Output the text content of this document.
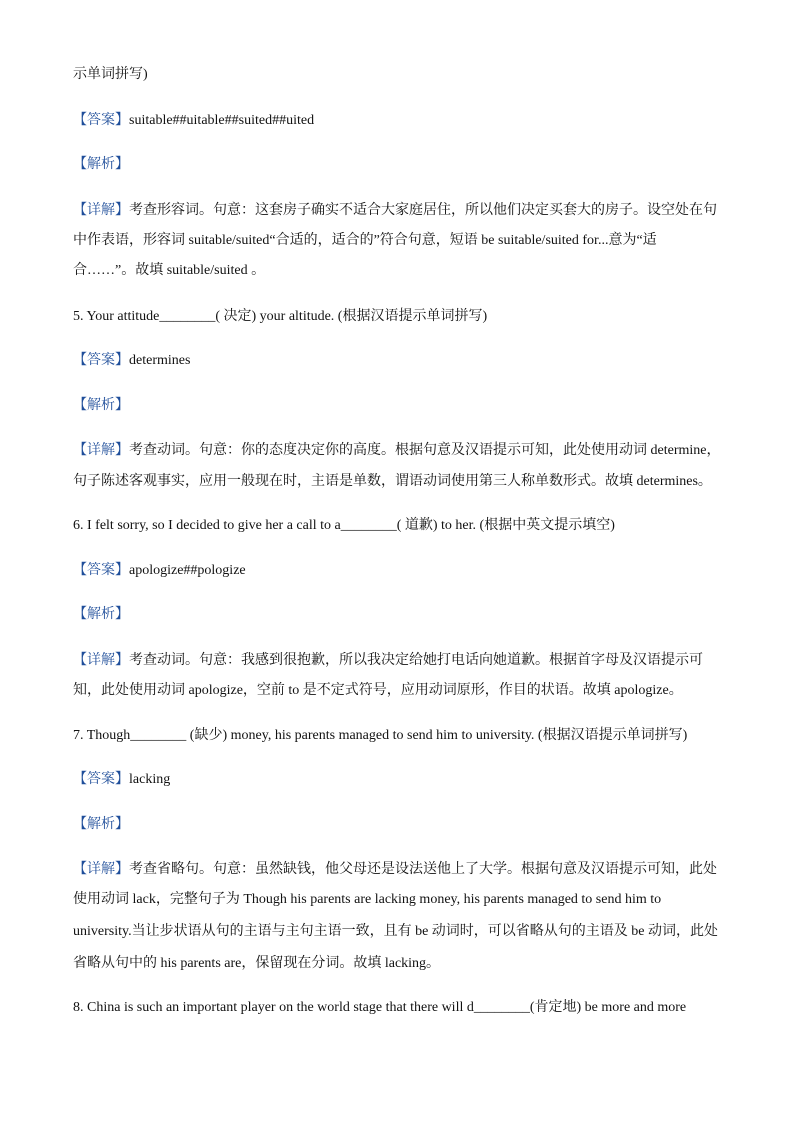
示单词拼写)
【答案】suitable##uitable##suited##uited
【解析】
【详解】考查形容词。句意：这套房子确实不适合大家庭居住，所以他们决定买套大的房子。设空处在句
中作表语，形容词 suitable/suited“合适的，适合的”符合句意，短语 be suitable/suited for...意为“适
合……”。故填 suitable/suited 。
5. Your attitude________( 决定) your altitude. (根据汉语提示单词拼写)
【答案】determines
【解析】
【详解】考查动词。句意：你的态度决定你的高度。根据句意及汉语提示可知，此处使用动词 determine，
句子陈述客观事实，应用一般现在时，主语是单数，谓语动词使用第三人称单数形式。故填 determines。
6. I felt sorry, so I decided to give her a call to a________( 道歉) to her. (根据中英文提示填空)
【答案】apologize##pologize
【解析】
【详解】考查动词。句意：我感到很抱歉，所以我决定给她打电话向她道歉。根据首字母及汉语提示可
知，此处使用动词 apologize，空前 to 是不定式符号，应用动词原形，作目的状语。故填 apologize。
7. Though________ (缺少) money, his parents managed to send him to university. (根据汉语提示单词拼写)
【答案】lacking
【解析】
【详解】考查省略句。句意：虽然缺钱，他父母还是设法送他上了大学。根据句意及汉语提示可知，此处
使用动词 lack，完整句子为 Though his parents are lacking money, his parents managed to send him to
university.当让步状语从句的主语与主句主语一致，且有 be 动词时，可以省略从句的主语及 be 动词，此处
省略从句中的 his parents are，保留现在分词。故填 lacking。
8. China is such an important player on the world stage that there will d________(肯定地) be more and more
